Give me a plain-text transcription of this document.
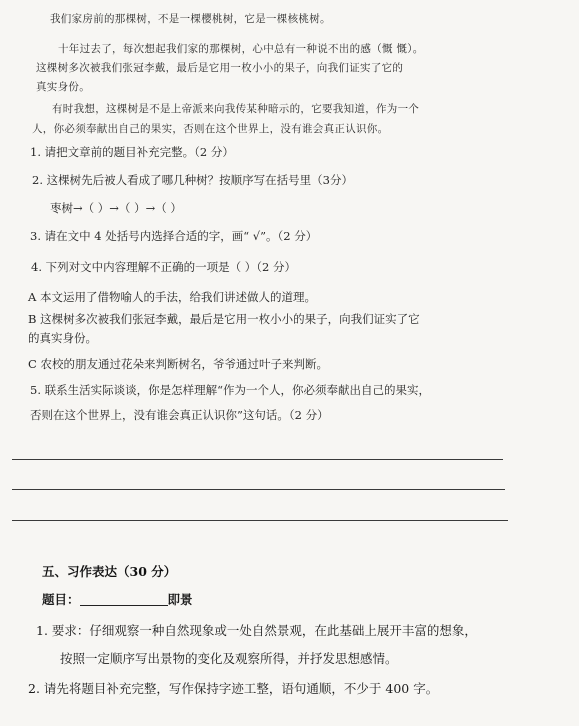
我们家房前的那棵树，不是一棵樱桃树，它是一棵核桃树。
十年过去了，每次想起我们家的那棵树，心中总有一种说不出的感（慨 慨）。
这棵树多次被我们张冠李戴，最后是它用一枚小小的果子，向我们证实了它的
真实身份。
有时我想，这棵树是不是上帝派来向我传某种暗示的，它要我知道，作为一个
人，你必须奉献出自己的果实，否则在这个世界上，没有谁会真正认识你。
1. 请把文章前的题目补充完整。（2 分）
2. 这棵树先后被人看成了哪几种树？按顺序写在括号里（3分）
枣树→（ ）→（ ）→（ ）
3. 请在文中 4 处括号内选择合适的字，画“ √”。（2 分）
4. 下列对文中内容理解不正确的一项是（ ）（2 分）
A 本文运用了借物喻人的手法，给我们讲述做人的道理。
B 这棵树多次被我们张冠李戴，最后是它用一枚小小的果子，向我们证实了它
的真实身份。
C 农校的朋友通过花朵来判断树名，爷爷通过叶子来判断。
5. 联系生活实际谈谈，你是怎样理解“作为一个人，你必须奉献出自己的果实，
否则在这个世界上，没有谁会真正认识你”这句话。（2 分）
五、习作表达（30 分）
题目：	即景
1. 要求：仔细观察一种自然现象或一处自然景观，在此基础上展开丰富的想象，
按照一定顺序写出景物的变化及观察所得，并抒发思想感情。
2. 请先将题目补充完整，写作保持字迹工整，语句通顺，不少于 400 字。
